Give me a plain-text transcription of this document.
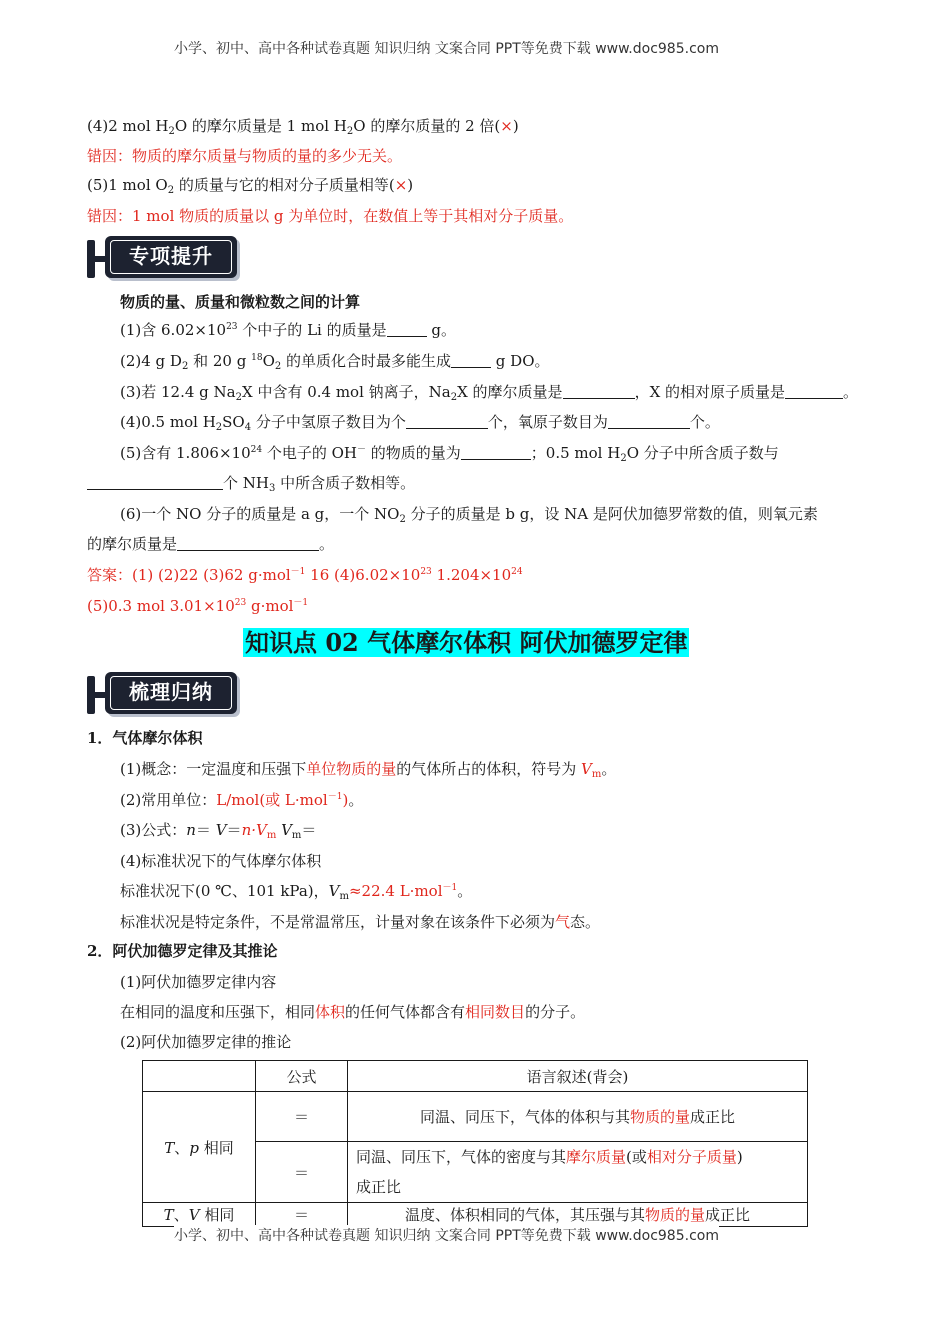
小学、初中、高中各种试卷真题 知识归纳 文案合同 PPT等免费下载 www.doc985.com
(4)2 mol $H_2O$ 的摩尔质量是 1 mol $H_2O$ 的摩尔质量的 2 倍(×)
错因：物质的摩尔质量与物质的量的多少无关。
(5)1 mol $O_2$ 的质量与它的相对分子质量相等(×)
错因：1 mol 物质的质量以 g 为单位时，在数值上等于其相对分子质量。
专项提升
物质的量、质量和微粒数之间的计算
(1)含 $6.02\times 10^{23}$ 个中子的 Li 的质量是	g。
(2)4 g $D_2$ 和 20 g $^{18}O_2$ 的单质化合时最多能生成	g DO。
(3)若 12.4 g $Na_2X$ 中含有 0.4 mol 钠离子，$Na_2X$ 的摩尔质量是	，X 的相对原子质量是	。
(4)0.5 mol $H_2SO_4$ 分子中氢原子数目为个	个，氧原子数目为	个。
(5)含有 $1.806\times 10^{24}$ 个电子的 OH－ 的物质的量为	；0.5 mol $H_2O$ 分子中所含质子数与
个 $NH_3$ 中所含质子数相等。
(6)一个 NO 分子的质量是 a g，一个 $NO_2$ 分子的质量是 b g，设 NA 是阿伏加德罗常数的值，则氧元素
的摩尔质量是	。
答案：(1) (2)22 (3)62 g·mol$^{-1}$ 16 $(4)6.02\times 10^{23}$ $1.204\times 10^{24}$
(5)0.3 mol $3.01\times 10^{23}$ g·mol$^{-1}$
知识点 02 气体摩尔体积 阿伏加德罗定律
梳理归纳
1．气体摩尔体积
(1)概念：一定温度和压强下单位物质的量的气体所占的体积，符号为 $V_m$。
(2)常用单位：L/mol(或 L·mol$^{-1}$)。
(3)公式：$n= V=n\cdot V_m$ $V_m=$
(4)标准状况下的气体摩尔体积
标准状况下(0 ℃、101 kPa)，$V_m\approx 22.4$ L·mol$^{-1}$。
标准状况是特定条件，不是常温常压，计量对象在该条件下必须为气态。
2．阿伏加德罗定律及其推论
(1)阿伏加德罗定律内容
在相同的温度和压强下，相同体积的任何气体都含有相同数目的分子。
(2)阿伏加德罗定律的推论
	公式	语言叙述(背会)
T、p 相同	＝	同温、同压下，气体的体积与其物质的量成正比
	＝	同温、同压下，气体的密度与其摩尔质量(或相对分子质量)
成正比
T、V 相同	＝	温度、体积相同的气体，其压强与其物质的量成正比
小学、初中、高中各种试卷真题 知识归纳 文案合同 PPT等免费下载 www.doc985.com
